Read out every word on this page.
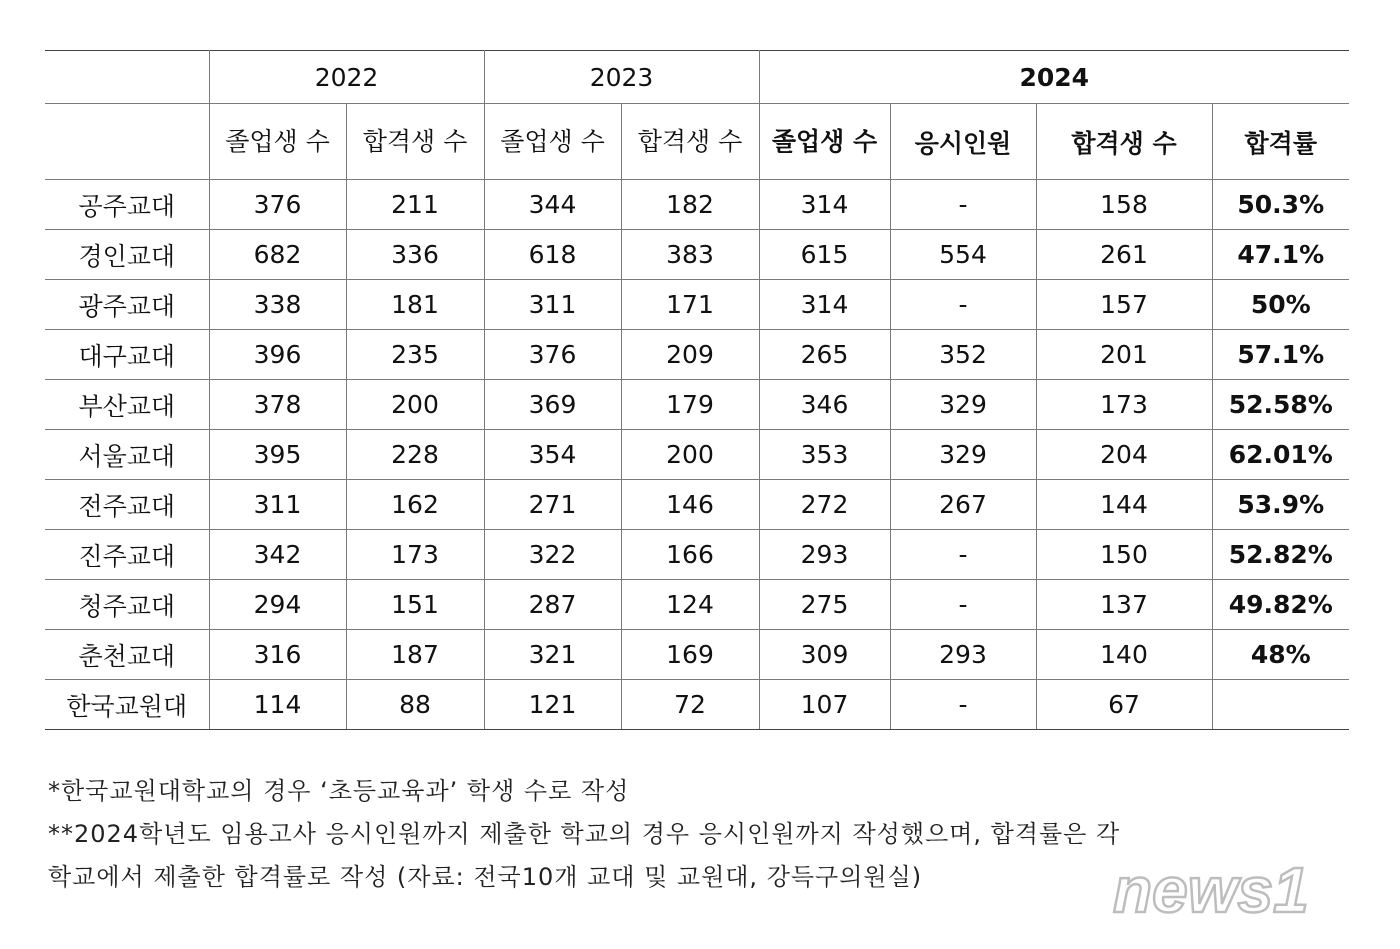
	2022		2023		2024			

	졸업생 수	합격생 수	졸업생 수	합격생 수	졸업생 수	응시인원	합격생 수	합격률
공주교대	376	211	344	182	314	-	158	50.3%
경인교대	682	336	618	383	615	554	261	47.1%
광주교대	338	181	311	171	314	-	157	50%
대구교대	396	235	376	209	265	352	201	57.1%
부산교대	378	200	369	179	346	329	173	52.58%
서울교대	395	228	354	200	353	329	204	62.01%
전주교대	311	162	271	146	272	267	144	53.9%
진주교대	342	173	322	166	293	-	150	52.82%
청주교대	294	151	287	124	275	-	137	49.82%
춘천교대	316	187	321	169	309	293	140	48%
한국교원대	114	88	121	72	107	-	67	
*한국교원대학교의 경우 ‘초등교육과’ 학생 수로 작성
**2024학년도 임용고사 응시인원까지 제출한 학교의 경우 응시인원까지 작성했으며, 합격률은 각
학교에서 제출한 합격률로 작성 (자료: 전국10개 교대 및 교원대, 강득구의원실)	news1
